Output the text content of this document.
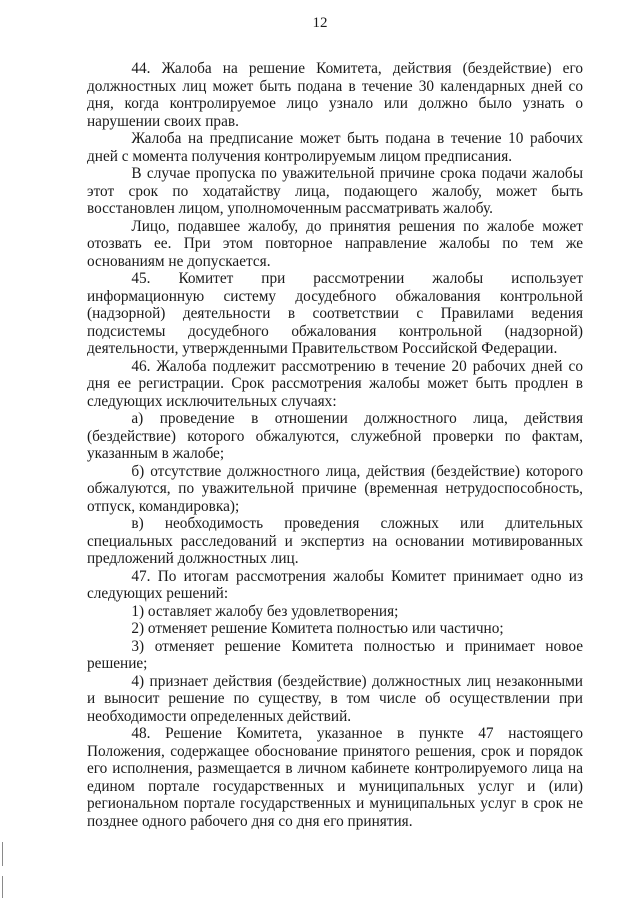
12

44. Жалоба на решение Комитета, действия (бездействие) его должностных лиц может быть подана в течение 30 календарных дней со дня, когда контролируемое лицо узнало или должно было узнать о нарушении своих прав.

Жалоба на предписание может быть подана в течение 10 рабочих дней с момента получения контролируемым лицом предписания.

В случае пропуска по уважительной причине срока подачи жалобы этот срок по ходатайству лица, подающего жалобу, может быть восстановлен лицом, уполномоченным рассматривать жалобу.

Лицо, подавшее жалобу, до принятия решения по жалобе может отозвать ее. При этом повторное направление жалобы по тем же основаниям не допускается.

45. Комитет при рассмотрении жалобы использует информационную систему досудебного обжалования контрольной (надзорной) деятельности в соответствии с Правилами ведения подсистемы досудебного обжалования контрольной (надзорной) деятельности, утвержденными Правительством Российской Федерации.

46. Жалоба подлежит рассмотрению в течение 20 рабочих дней со дня ее регистрации. Срок рассмотрения жалобы может быть продлен в следующих исключительных случаях:

а) проведение в отношении должностного лица, действия (бездействие) которого обжалуются, служебной проверки по фактам, указанным в жалобе;

б) отсутствие должностного лица, действия (бездействие) которого обжалуются, по уважительной причине (временная нетрудоспособность, отпуск, командировка);

в) необходимость проведения сложных или длительных специальных расследований и экспертиз на основании мотивированных предложений должностных лиц.

47. По итогам рассмотрения жалобы Комитет принимает одно из следующих решений:

1) оставляет жалобу без удовлетворения;

2) отменяет решение Комитета полностью или частично;

3) отменяет решение Комитета полностью и принимает новое решение;

4) признает действия (бездействие) должностных лиц незаконными и выносит решение по существу, в том числе об осуществлении при необходимости определенных действий.

48. Решение Комитета, указанное в пункте 47 настоящего Положения, содержащее обоснование принятого решения, срок и порядок его исполнения, размещается в личном кабинете контролируемого лица на едином портале государственных и муниципальных услуг и (или) региональном портале государственных и муниципальных услуг в срок не позднее одного рабочего дня со дня его принятия.
